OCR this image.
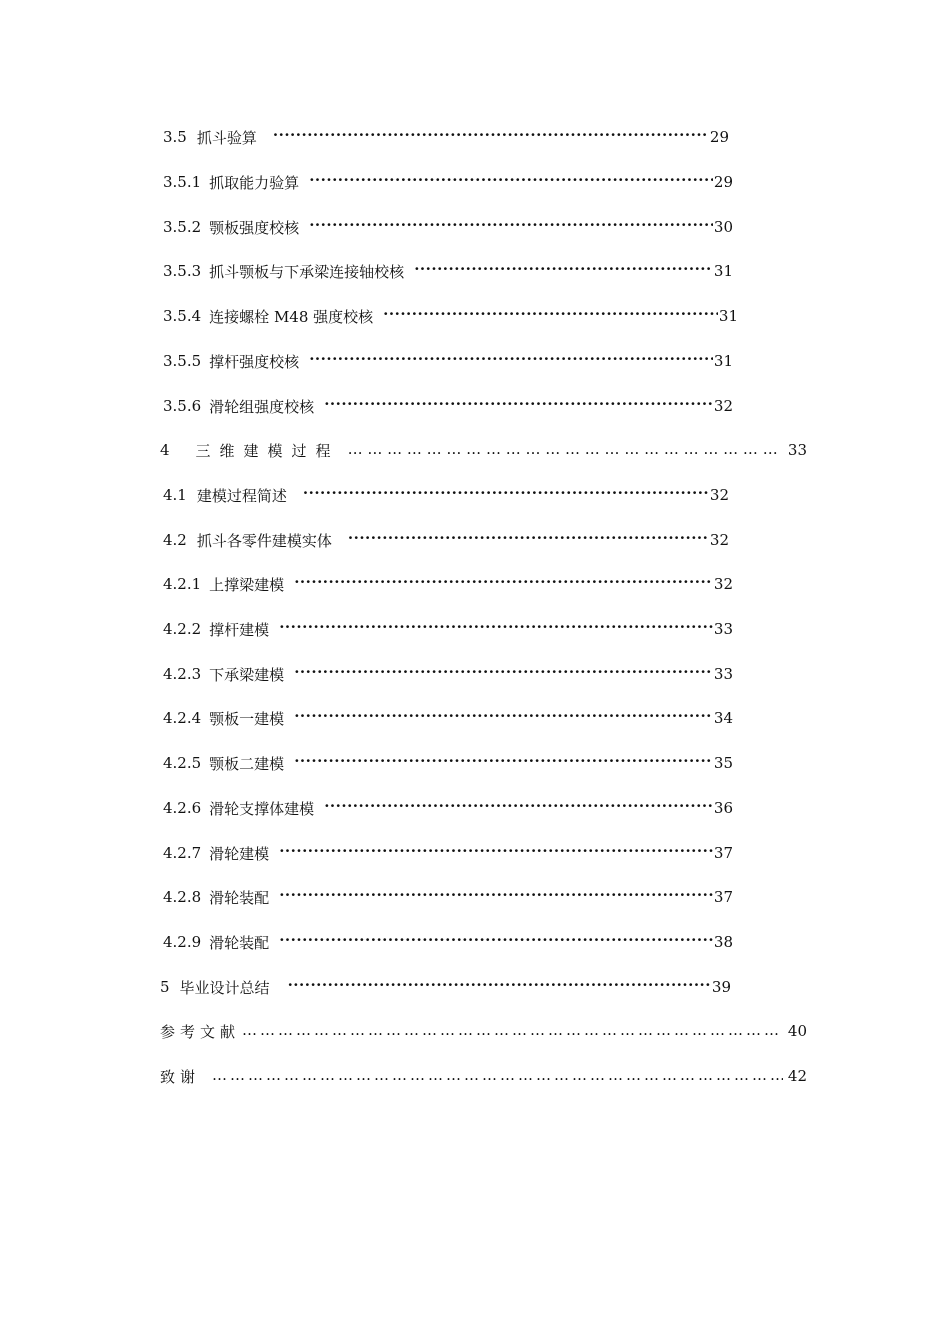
3.5 抓斗验算 ·····	29
3.5.1 抓取能力验算 ·····	29
3.5.2 颚板强度校核 ·····	30
3.5.3 抓斗颚板与下承梁连接轴校核 ·····	31
3.5.4 连接螺栓 M48 强度校核 ·····	31
3.5.5 撑杆强度校核 ·····	31
3.5.6 滑轮组强度校核 ·····	32
4 三维建模过程 … … … … … … … … … … … … … … … … … … … … … … … … … … … … … … … … … … … … … … … … … … … … … … … … … … … … … …	33
4.1 建模过程简述 ·····	32
4.2 抓斗各零件建模实体 ·····	32
4.2.1 上撑梁建模 ·····	32
4.2.2 撑杆建模 ·····	33
4.2.3 下承梁建模 ·····	33
4.2.4 颚板一建模 ·····	34
4.2.5 颚板二建模 ·····	35
4.2.6 滑轮支撑体建模 ·····	36
4.2.7 滑轮建模 ·····	37
4.2.8 滑轮装配 ·····	37
4.2.9 滑轮装配 ·····	38
5 毕业设计总结 ·····	39
参考文献 …………………………………………………………………………………………………………………………………………………………………………………………	40
致谢 …………………………………………………………………………………………………………………………………………………………………………………………	42
